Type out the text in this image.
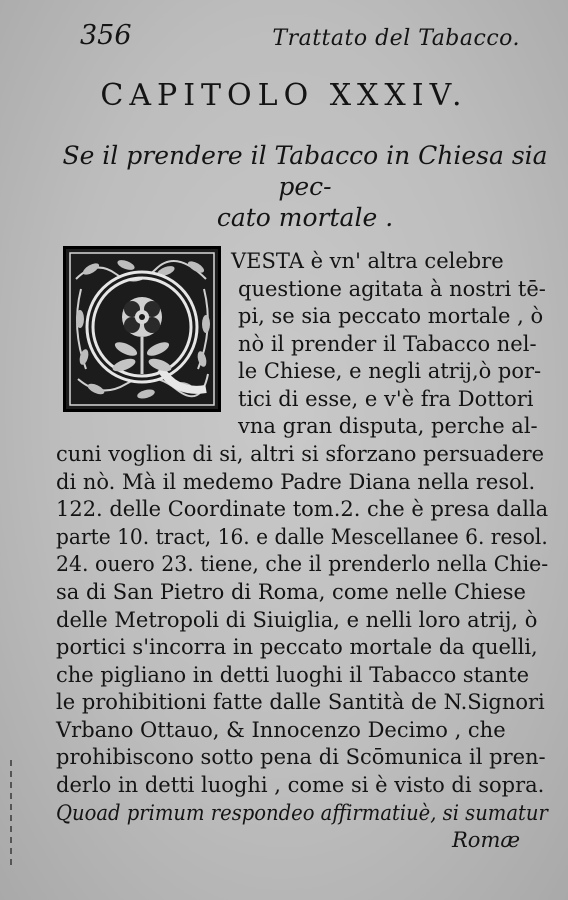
356	Trattato del Tabacco.
CAPITOLO XXXIV.
Se il prendere il Tabacco in Chiesa sia pec-
cato mortale .
VESTA è vn' altra celebre
questione agitata à nostri tē-
pi, se sia peccato mortale , ò
nò il prender il Tabacco nel-
le Chiese, e negli atrij,ò por-
tici di esse, e v'è fra Dottori
vna gran disputa, perche al-
cuni voglion di si, altri si sforzano persuadere
di nò. Mà il medemo Padre Diana nella resol.
122. delle Coordinate tom.2. che è presa dalla
parte 10. tract, 16. e dalle Mescellanee 6. resol.
24. ouero 23. tiene, che il prenderlo nella Chie-
sa di San Pietro di Roma, come nelle Chiese
delle Metropoli di Siuiglia, e nelli loro atrij, ò
portici s'incorra in peccato mortale da quelli,
che pigliano in detti luoghi il Tabacco stante
le prohibitioni fatte dalle Santità de N.Signori
Vrbano Ottauo, & Innocenzo Decimo , che
prohibiscono sotto pena di Scōmunica il pren-
derlo in detti luoghi , come si è visto di sopra.
Quoad primum respondeo affirmatiuè, si sumatur
Romæ
